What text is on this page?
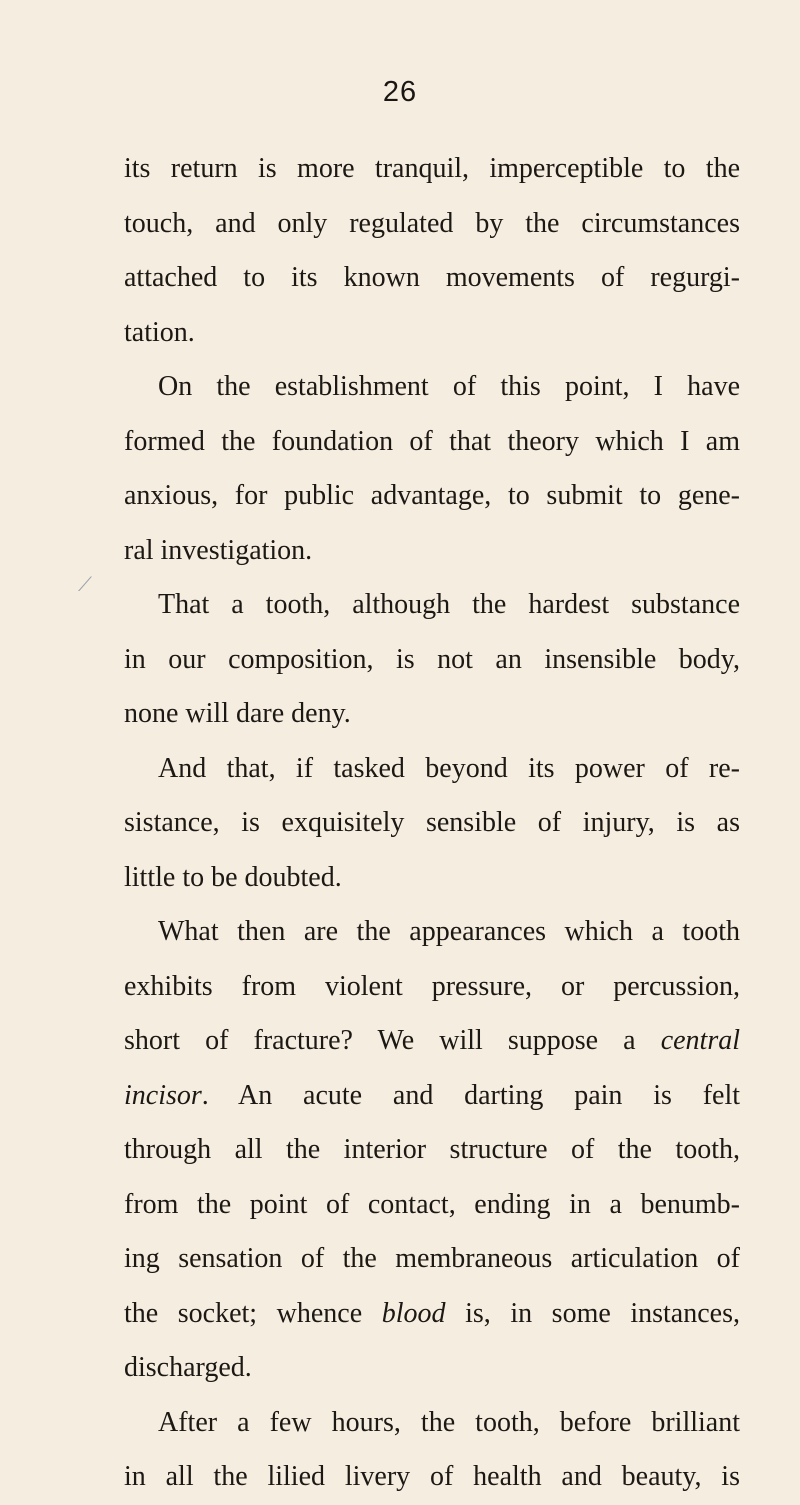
26
its return is more tranquil, imperceptible to the
touch, and only regulated by the circumstances
attached to its known movements of regurgi-
tation.
On the establishment of this point, I have
formed the foundation of that theory which I am
anxious, for public advantage, to submit to gene-
ral investigation.
That a tooth, although the hardest substance
in our composition, is not an insensible body,
none will dare deny.
And that, if tasked beyond its power of re-
sistance, is exquisitely sensible of injury, is as
little to be doubted.
What then are the appearances which a tooth
exhibits from violent pressure, or percussion,
short of fracture? We will suppose a central
incisor. An acute and darting pain is felt
through all the interior structure of the tooth,
from the point of contact, ending in a benumb-
ing sensation of the membraneous articulation of
the socket; whence blood is, in some instances,
discharged.
After a few hours, the tooth, before brilliant
in all the lilied livery of health and beauty, is
⟋
